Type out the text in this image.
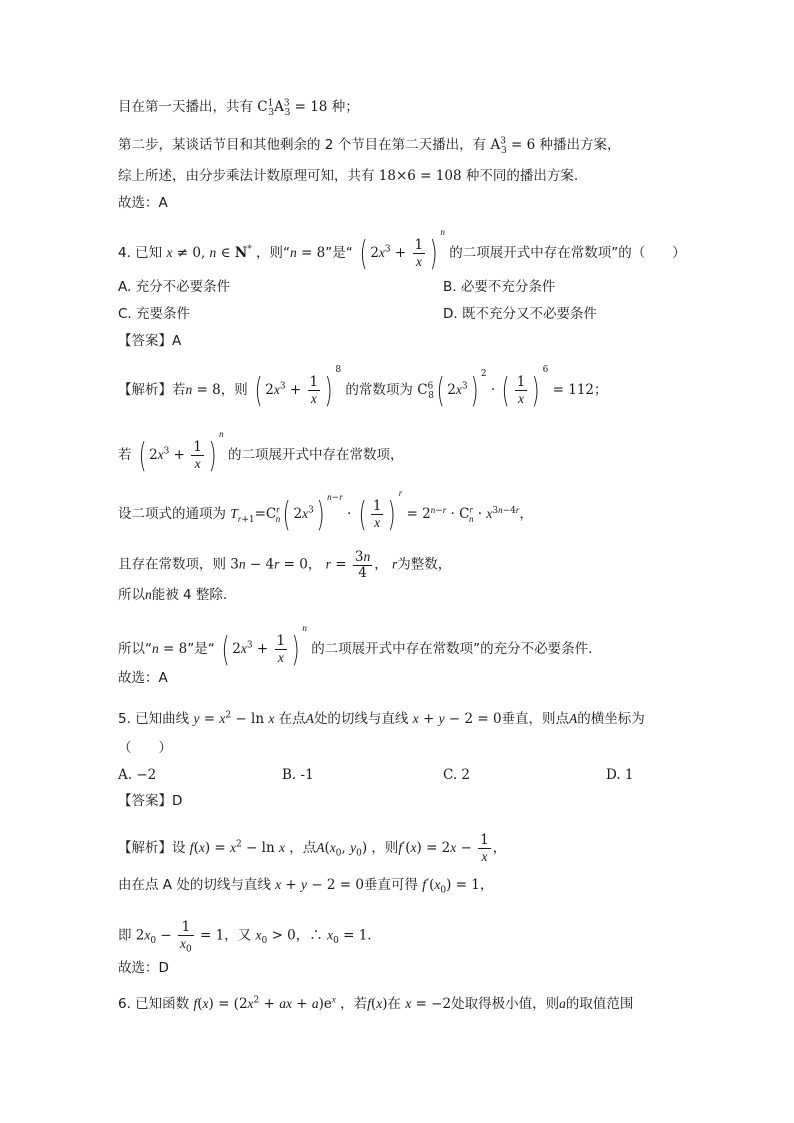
目在第一天播出，共有 $C^1_3A^3_3 = 18$ 种；
第二步，某谈话节目和其他剩余的 2 个节目在第二天播出，有 $A^3_3 = 6$ 种播出方案，
综上所述，由分步乘法计数原理可知，共有 18×6 = 108 种不同的播出方案.
故选：A
4. 已知 x ≠ 0, n ∈ N* ，则“n = 8”是“ ( $2x^3 + \frac{1}{x} )^n$ 的二项展开式中存在常数项”的（　　）
A. 充分不必要条件	B. 必要不充分条件
C. 充要条件	D. 既不充分又不必要条件
【答案】A
【解析】若n = 8，则 ( $2x^3 + \frac{1}{x} )^8$ 的常数项为 $C^6_8$( $2x^3$) $^2$ · ( $\frac{1}{x} )^6 = 112$；
若 ( $2x^3 + \frac{1}{x} )^n$ 的二项展开式中存在常数项，
设二项式的通项为 $T_{r+1}=C^r_n$( $2x^3$) $^{n-r}$ · ( $\frac{1}{x} )^r = 2^{n-r} \cdot C^r_n \cdot x^{3n-4r}$，
且存在常数项，则 3n − 4r = 0， $r = \frac{3n}{4}$ ， r为整数，
所以n能被 4 整除.
所以“n = 8”是“ ( $2x^3 + \frac{1}{x} )^n$ 的二项展开式中存在常数项”的充分不必要条件.
故选：A
5. 已知曲线 $y = x^2 - \ln x$ 在点A处的切线与直线 x + y − 2 = 0垂直，则点A的横坐标为
（　　）
A. −2	B. -1	C. 2	D. 1
【答案】D
【解析】设 $f(x) = x^2 - \ln x$ ，点$A(x_0$, $y_0$) ，则$f'(x) = 2x - \frac{1}{x}$ ，
由在点 A 处的切线与直线 x + y − 2 = 0垂直可得 $f'(x_0) = 1$，
即 $2x_0 - \frac{1}{x_0} = 1$，又 $x_0 > 0$，∴ $x_0 = 1$.
故选：D
6. 已知函数 $f(x) = (2x^2$ + ax + $a)e^x$ ，若f(x)在 x = −2处取得极小值，则a的取值范围
